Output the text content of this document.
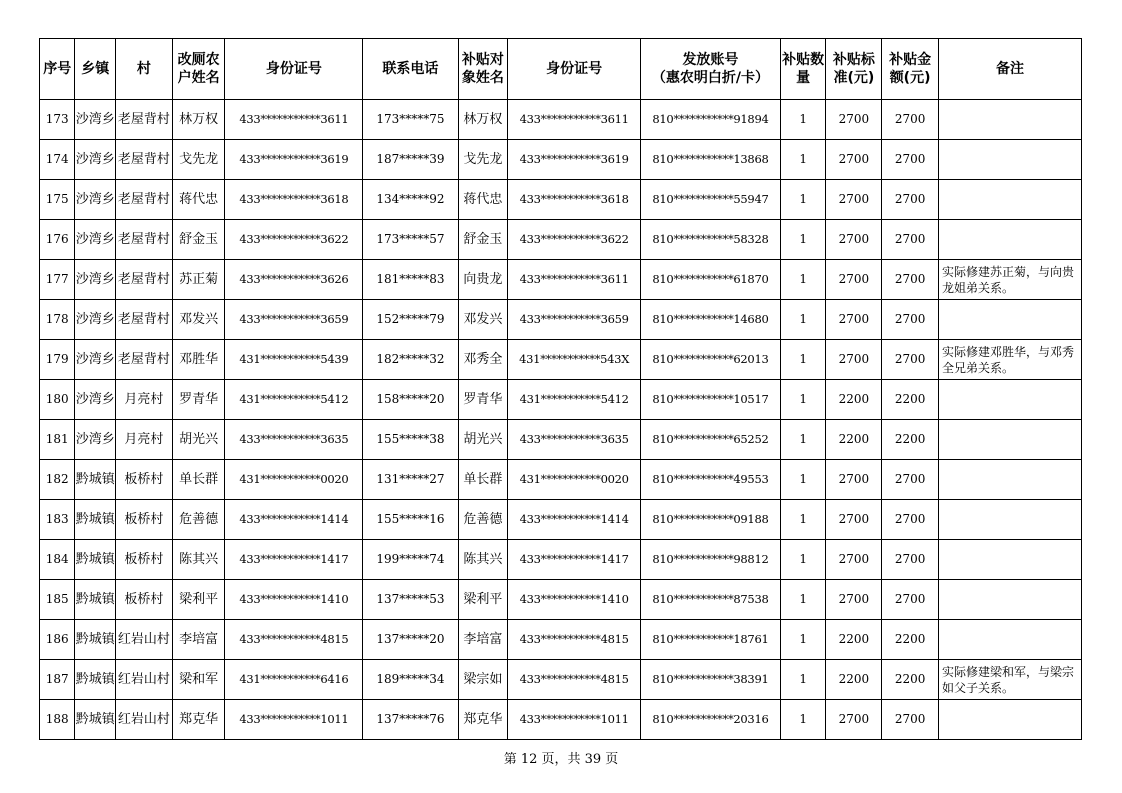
序号	乡镇	村	改厕农户姓名	身份证号	联系电话	补贴对象姓名	身份证号	发放账号
（惠农明白折/卡）	补贴数量	补贴标准(元)	补贴金额(元)	备注
173	沙湾乡	老屋背村	林万权	433***********3611	173*****75	林万权	433***********3611	810***********91894	1	2700	2700	
174	沙湾乡	老屋背村	戈先龙	433***********3619	187*****39	戈先龙	433***********3619	810***********13868	1	2700	2700	
175	沙湾乡	老屋背村	蒋代忠	433***********3618	134*****92	蒋代忠	433***********3618	810***********55947	1	2700	2700	
176	沙湾乡	老屋背村	舒金玉	433***********3622	173*****57	舒金玉	433***********3622	810***********58328	1	2700	2700	
177	沙湾乡	老屋背村	苏正菊	433***********3626	181*****83	向贵龙	433***********3611	810***********61870	1	2700	2700	实际修建苏正菊，与向贵龙姐弟关系。
178	沙湾乡	老屋背村	邓发兴	433***********3659	152*****79	邓发兴	433***********3659	810***********14680	1	2700	2700	
179	沙湾乡	老屋背村	邓胜华	431***********5439	182*****32	邓秀全	431***********543X	810***********62013	1	2700	2700	实际修建邓胜华，与邓秀全兄弟关系。
180	沙湾乡	月亮村	罗青华	431***********5412	158*****20	罗青华	431***********5412	810***********10517	1	2200	2200	
181	沙湾乡	月亮村	胡光兴	433***********3635	155*****38	胡光兴	433***********3635	810***********65252	1	2200	2200	
182	黔城镇	板桥村	单长群	431***********0020	131*****27	单长群	431***********0020	810***********49553	1	2700	2700	
183	黔城镇	板桥村	危善德	433***********1414	155*****16	危善德	433***********1414	810***********09188	1	2700	2700	
184	黔城镇	板桥村	陈其兴	433***********1417	199*****74	陈其兴	433***********1417	810***********98812	1	2700	2700	
185	黔城镇	板桥村	梁利平	433***********1410	137*****53	梁利平	433***********1410	810***********87538	1	2700	2700	
186	黔城镇	红岩山村	李培富	433***********4815	137*****20	李培富	433***********4815	810***********18761	1	2200	2200	
187	黔城镇	红岩山村	梁和军	431***********6416	189*****34	梁宗如	433***********4815	810***********38391	1	2200	2200	实际修建梁和军，与梁宗如父子关系。
188	黔城镇	红岩山村	郑克华	433***********1011	137*****76	郑克华	433***********1011	810***********20316	1	2700	2700	
第 12 页，共 39 页
